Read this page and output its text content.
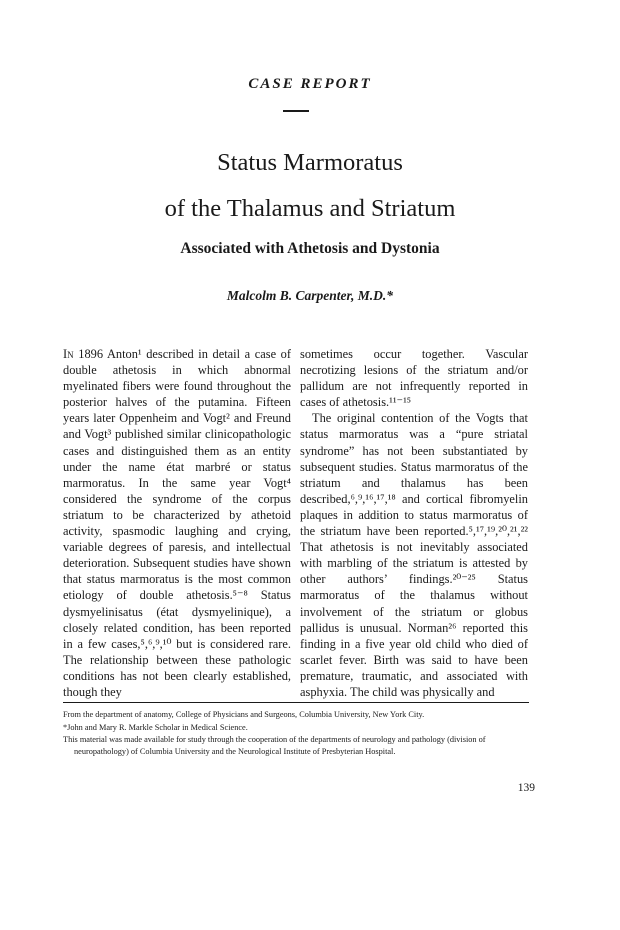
CASE REPORT
Status Marmoratus
of the Thalamus and Striatum
Associated with Athetosis and Dystonia
Malcolm B. Carpenter, M.D.*

In 1896 Anton¹ described in detail a case of double athetosis in which abnormal myelinated fibers were found throughout the posterior halves of the putamina. Fifteen years later Oppenheim and Vogt² and Freund and Vogt³ published similar clinicopathologic cases and distinguished them as an entity under the name état marbré or status marmoratus. In the same year Vogt⁴ considered the syndrome of the corpus striatum to be characterized by athetoid activity, spasmodic laughing and crying, variable degrees of paresis, and intellectual deterioration. Subsequent studies have shown that status marmoratus is the most common etiology of double athetosis.⁵⁻⁸ Status dysmyelinisatus (état dysmyelinique), a closely related condition, has been reported in a few cases,⁵,⁶,⁹,¹⁰ but is considered rare. The relationship between these pathologic conditions has not been clearly established, though they

sometimes occur together. Vascular necrotizing lesions of the striatum and/or pallidum are not infrequently reported in cases of athetosis.¹¹⁻¹⁵

The original contention of the Vogts that status marmoratus was a “pure striatal syndrome” has not been substantiated by subsequent studies. Status marmoratus of the striatum and thalamus has been described,⁶,⁹,¹⁶,¹⁷,¹⁸ and cortical fibromyelin plaques in addition to status marmoratus of the striatum have been reported.⁵,¹⁷,¹⁹,²⁰,²¹,²² That athetosis is not inevitably associated with marbling of the striatum is attested by other authors’ findings.²⁰⁻²⁵ Status marmoratus of the thalamus without involvement of the striatum or globus pallidus is unusual. Norman²⁶ reported this finding in a five year old child who died of scarlet fever. Birth was said to have been premature, traumatic, and associated with asphyxia. The child was physically and

From the department of anatomy, College of Physicians and Surgeons, Columbia University, New York City.

*John and Mary R. Markle Scholar in Medical Science.

This material was made available for study through the cooperation of the departments of neurology and pathology (division of neuropathology) of Columbia University and the Neurological Institute of Presbyterian Hospital.

139
